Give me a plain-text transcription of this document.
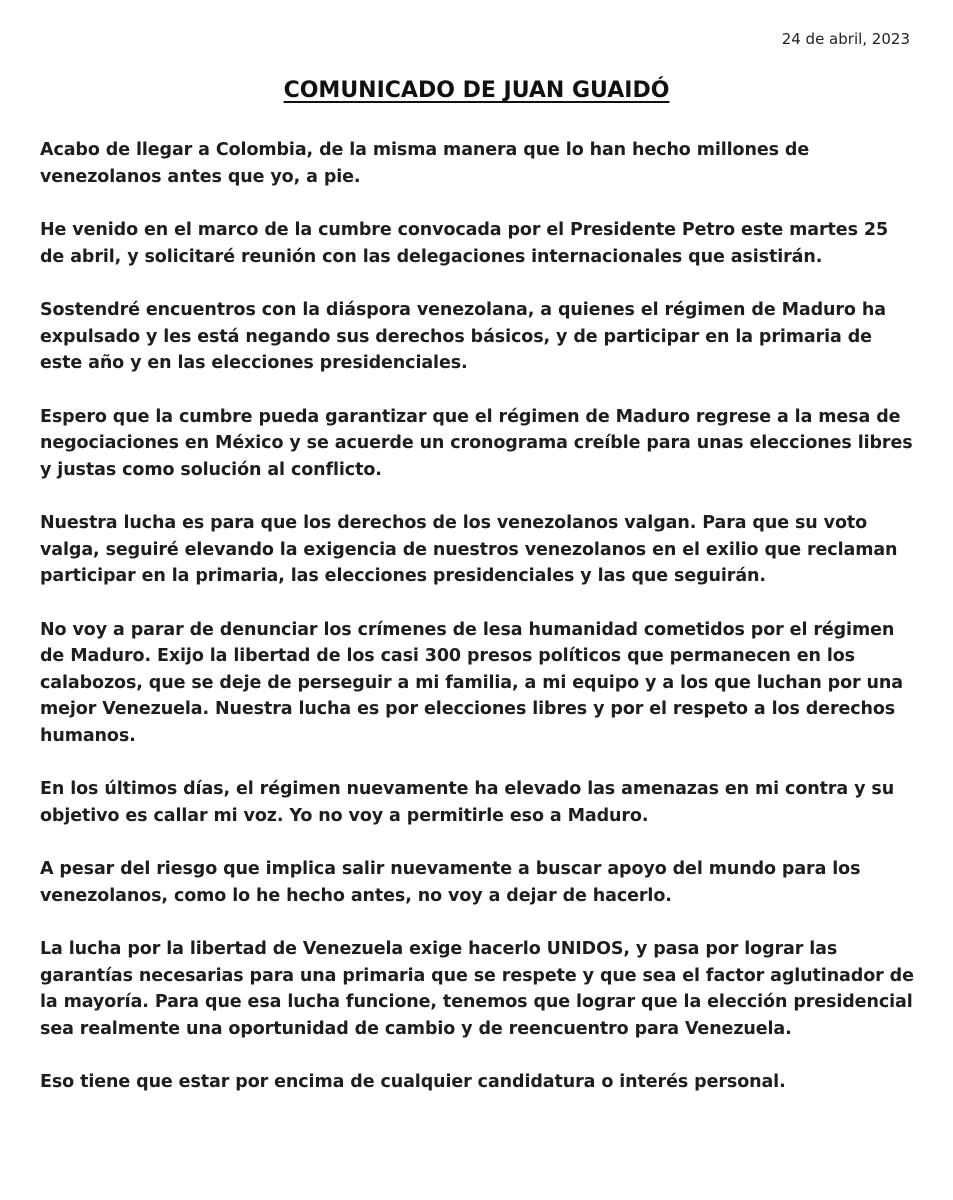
24 de abril, 2023
COMUNICADO DE JUAN GUAIDÓ

Acabo de llegar a Colombia, de la misma manera que lo han hecho millones de venezolanos antes que yo, a pie.

He venido en el marco de la cumbre convocada por el Presidente Petro este martes 25 de abril, y solicitaré reunión con las delegaciones internacionales que asistirán.

Sostendré encuentros con la diáspora venezolana, a quienes el régimen de Maduro ha expulsado y les está negando sus derechos básicos, y de participar en la primaria de este año y en las elecciones presidenciales.

Espero que la cumbre pueda garantizar que el régimen de Maduro regrese a la mesa de negociaciones en México y se acuerde un cronograma creíble para unas elecciones libres y justas como solución al conflicto.

Nuestra lucha es para que los derechos de los venezolanos valgan. Para que su voto valga, seguiré elevando la exigencia de nuestros venezolanos en el exilio que reclaman participar en la primaria, las elecciones presidenciales y las que seguirán.

No voy a parar de denunciar los crímenes de lesa humanidad cometidos por el régimen de Maduro. Exijo la libertad de los casi 300 presos políticos que permanecen en los calabozos, que se deje de perseguir a mi familia, a mi equipo y a los que luchan por una mejor Venezuela. Nuestra lucha es por elecciones libres y por el respeto a los derechos humanos.

En los últimos días, el régimen nuevamente ha elevado las amenazas en mi contra y su objetivo es callar mi voz. Yo no voy a permitirle eso a Maduro.

A pesar del riesgo que implica salir nuevamente a buscar apoyo del mundo para los venezolanos, como lo he hecho antes, no voy a dejar de hacerlo.

La lucha por la libertad de Venezuela exige hacerlo UNIDOS, y pasa por lograr las garantías necesarias para una primaria que se respete y que sea el factor aglutinador de la mayoría. Para que esa lucha funcione, tenemos que lograr que la elección presidencial sea realmente una oportunidad de cambio y de reencuentro para Venezuela.

Eso tiene que estar por encima de cualquier candidatura o interés personal.
